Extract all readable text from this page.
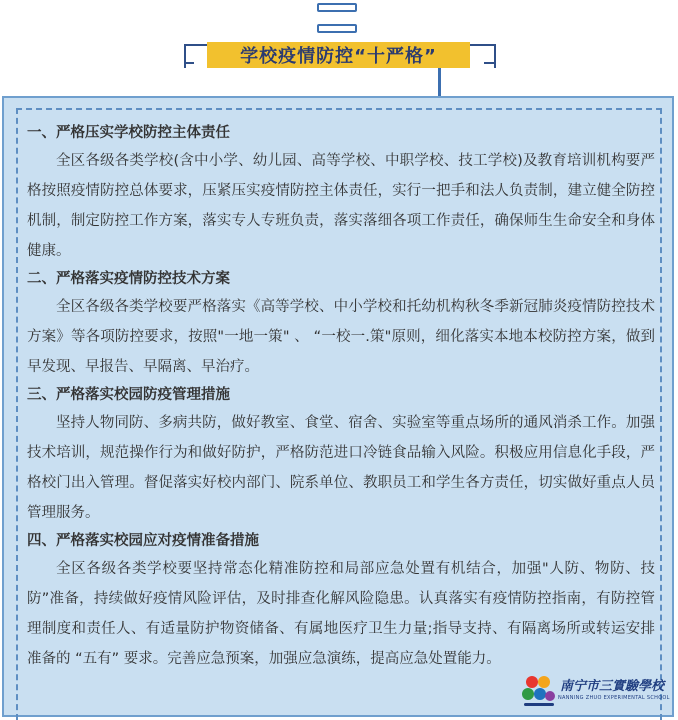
学校疫情防控“十严格”
一、严格压实学校防控主体责任
全区各级各类学校(含中小学、幼儿园、高等学校、中职学校、技工学校)及教育培训机构要严格按照疫情防控总体要求，压紧压实疫情防控主体责任，实行一把手和法人负责制，建立健全防控机制，制定防控工作方案，落实专人专班负责，落实落细各项工作责任，确保师生生命安全和身体健康。
二、严格落实疫情防控技术方案
全区各级各类学校要严格落实《高等学校、中小学校和托幼机构秋冬季新冠肺炎疫情防控技术方案》等各项防控要求，按照"一地一策" 、 “一校一.策"原则，细化落实本地本校防控方案，做到早发现、早报告、早隔离、早治疗。
三、严格落实校园防疫管理措施
坚持人物同防、多病共防，做好教室、食堂、宿舍、实验室等重点场所的通风消杀工作。加强技术培训，规范操作行为和做好防护，严格防范进口冷链食品输入风险。积极应用信息化手段，严格校门出入管理。督促落实好校内部门、院系单位、教职员工和学生各方责任，切实做好重点人员管理服务。
四、严格落实校园应对疫情准备措施
全区各级各类学校要坚持常态化精准防控和局部应急处置有机结合，加强"人防、物防、技防”准备，持续做好疫情风险评估，及时排查化解风险隐患。认真落实有疫情防控指南，有防控管理制度和责任人、有适量防护物资储备、有属地医疗卫生力量;指导支持、有隔离场所或转运安排准备的 “五有” 要求。完善应急预案，加强应急演练，提高应急处置能力。
南宁市三實驗學校
NANNING ZHUO EXPERIMENTAL SCHOOL
